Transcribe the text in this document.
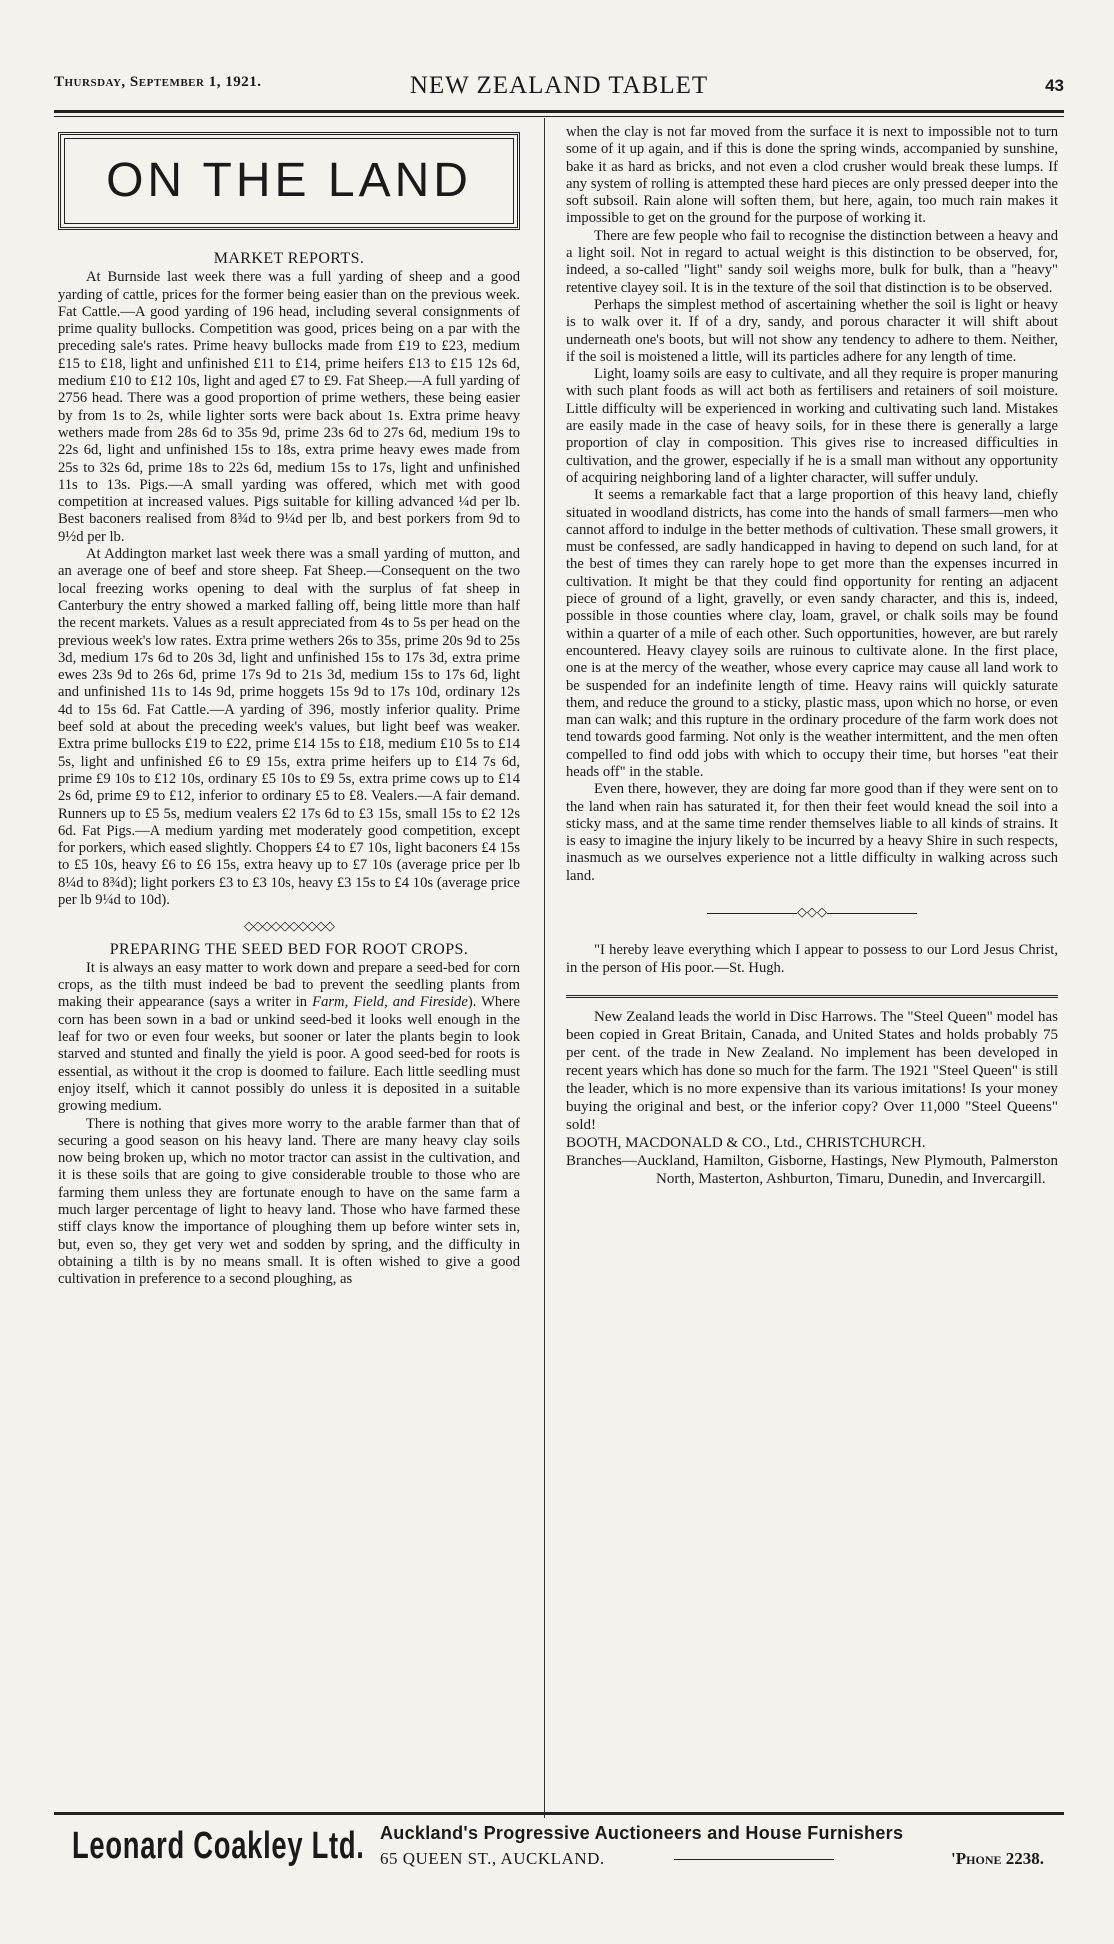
Thursday, September 1, 1921.	NEW ZEALAND TABLET	43
ON THE LAND
MARKET REPORTS.

At Burnside last week there was a full yarding of sheep and a good yarding of cattle, prices for the former being easier than on the previous week. Fat Cattle.—A good yarding of 196 head, including several consignments of prime quality bullocks. Competition was good, prices being on a par with the preceding sale's rates. Prime heavy bullocks made from £19 to £23, medium £15 to £18, light and unfinished £11 to £14, prime heifers £13 to £15 12s 6d, medium £10 to £12 10s, light and aged £7 to £9. Fat Sheep.—A full yarding of 2756 head. There was a good proportion of prime wethers, these being easier by from 1s to 2s, while lighter sorts were back about 1s. Extra prime heavy wethers made from 28s 6d to 35s 9d, prime 23s 6d to 27s 6d, medium 19s to 22s 6d, light and unfinished 15s to 18s, extra prime heavy ewes made from 25s to 32s 6d, prime 18s to 22s 6d, medium 15s to 17s, light and unfinished 11s to 13s. Pigs.—A small yarding was offered, which met with good competition at increased values. Pigs suitable for killing advanced ¼d per lb. Best baconers realised from 8¾d to 9¼d per lb, and best porkers from 9d to 9½d per lb.

At Addington market last week there was a small yarding of mutton, and an average one of beef and store sheep. Fat Sheep.—Consequent on the two local freezing works opening to deal with the surplus of fat sheep in Canterbury the entry showed a marked falling off, being little more than half the recent markets. Values as a result appreciated from 4s to 5s per head on the previous week's low rates. Extra prime wethers 26s to 35s, prime 20s 9d to 25s 3d, medium 17s 6d to 20s 3d, light and unfinished 15s to 17s 3d, extra prime ewes 23s 9d to 26s 6d, prime 17s 9d to 21s 3d, medium 15s to 17s 6d, light and unfinished 11s to 14s 9d, prime hoggets 15s 9d to 17s 10d, ordinary 12s 4d to 15s 6d. Fat Cattle.—A yarding of 396, mostly inferior quality. Prime beef sold at about the preceding week's values, but light beef was weaker. Extra prime bullocks £19 to £22, prime £14 15s to £18, medium £10 5s to £14 5s, light and unfinished £6 to £9 15s, extra prime heifers up to £14 7s 6d, prime £9 10s to £12 10s, ordinary £5 10s to £9 5s, extra prime cows up to £14 2s 6d, prime £9 to £12, inferior to ordinary £5 to £8. Vealers.—A fair demand. Runners up to £5 5s, medium vealers £2 17s 6d to £3 15s, small 15s to £2 12s 6d. Fat Pigs.—A medium yarding met moderately good competition, except for porkers, which eased slightly. Choppers £4 to £7 10s, light baconers £4 15s to £5 10s, heavy £6 to £6 15s, extra heavy up to £7 10s (average price per lb 8¼d to 8¾d); light porkers £3 to £3 10s, heavy £3 15s to £4 10s (average price per lb 9¼d to 10d).

◇◇◇◇◇◇◇◇◇◇
PREPARING THE SEED BED FOR ROOT CROPS.

It is always an easy matter to work down and prepare a seed-bed for corn crops, as the tilth must indeed be bad to prevent the seedling plants from making their appearance (says a writer in Farm, Field, and Fireside). Where corn has been sown in a bad or unkind seed-bed it looks well enough in the leaf for two or even four weeks, but sooner or later the plants begin to look starved and stunted and finally the yield is poor. A good seed-bed for roots is essential, as without it the crop is doomed to failure. Each little seedling must enjoy itself, which it cannot possibly do unless it is deposited in a suitable growing medium.

There is nothing that gives more worry to the arable farmer than that of securing a good season on his heavy land. There are many heavy clay soils now being broken up, which no motor tractor can assist in the cultivation, and it is these soils that are going to give considerable trouble to those who are farming them unless they are fortunate enough to have on the same farm a much larger percentage of light to heavy land. Those who have farmed these stiff clays know the importance of ploughing them up before winter sets in, but, even so, they get very wet and sodden by spring, and the difficulty in obtaining a tilth is by no means small. It is often wished to give a good cultivation in preference to a second ploughing, as

when the clay is not far moved from the surface it is next to impossible not to turn some of it up again, and if this is done the spring winds, accompanied by sunshine, bake it as hard as bricks, and not even a clod crusher would break these lumps. If any system of rolling is attempted these hard pieces are only pressed deeper into the soft subsoil. Rain alone will soften them, but here, again, too much rain makes it impossible to get on the ground for the purpose of working it.

There are few people who fail to recognise the distinction between a heavy and a light soil. Not in regard to actual weight is this distinction to be observed, for, indeed, a so-called "light" sandy soil weighs more, bulk for bulk, than a "heavy" retentive clayey soil. It is in the texture of the soil that distinction is to be observed.

Perhaps the simplest method of ascertaining whether the soil is light or heavy is to walk over it. If of a dry, sandy, and porous character it will shift about underneath one's boots, but will not show any tendency to adhere to them. Neither, if the soil is moistened a little, will its particles adhere for any length of time.

Light, loamy soils are easy to cultivate, and all they require is proper manuring with such plant foods as will act both as fertilisers and retainers of soil moisture. Little difficulty will be experienced in working and cultivating such land. Mistakes are easily made in the case of heavy soils, for in these there is generally a large proportion of clay in composition. This gives rise to increased difficulties in cultivation, and the grower, especially if he is a small man without any opportunity of acquiring neighboring land of a lighter character, will suffer unduly.

It seems a remarkable fact that a large proportion of this heavy land, chiefly situated in woodland districts, has come into the hands of small farmers—men who cannot afford to indulge in the better methods of cultivation. These small growers, it must be confessed, are sadly handicapped in having to depend on such land, for at the best of times they can rarely hope to get more than the expenses incurred in cultivation. It might be that they could find opportunity for renting an adjacent piece of ground of a light, gravelly, or even sandy character, and this is, indeed, possible in those counties where clay, loam, gravel, or chalk soils may be found within a quarter of a mile of each other. Such opportunities, however, are but rarely encountered. Heavy clayey soils are ruinous to cultivate alone. In the first place, one is at the mercy of the weather, whose every caprice may cause all land work to be suspended for an indefinite length of time. Heavy rains will quickly saturate them, and reduce the ground to a sticky, plastic mass, upon which no horse, or even man can walk; and this rupture in the ordinary procedure of the farm work does not tend towards good farming. Not only is the weather intermittent, and the men often compelled to find odd jobs with which to occupy their time, but horses "eat their heads off" in the stable.

Even there, however, they are doing far more good than if they were sent on to the land when rain has saturated it, for then their feet would knead the soil into a sticky mass, and at the same time render themselves liable to all kinds of strains. It is easy to imagine the injury likely to be incurred by a heavy Shire in such respects, inasmuch as we ourselves experience not a little difficulty in walking across such land.

◇◇◇

"I hereby leave everything which I appear to possess to our Lord Jesus Christ, in the person of His poor.—St. Hugh.

New Zealand leads the world in Disc Harrows. The "Steel Queen" model has been copied in Great Britain, Canada, and United States and holds probably 75 per cent. of the trade in New Zealand. No implement has been developed in recent years which has done so much for the farm. The 1921 "Steel Queen" is still the leader, which is no more expensive than its various imitations! Is your money buying the original and best, or the inferior copy? Over 11,000 "Steel Queens" sold!

BOOTH, MACDONALD & CO., Ltd., CHRISTCHURCH.

Branches—Auckland, Hamilton, Gisborne, Hastings, New Plymouth, Palmerston North, Masterton, Ashburton, Timaru, Dunedin, and Invercargill.

Leonard Coakley Ltd. Auckland's Progressive Auctioneers and House Furnishers
65 QUEEN ST., AUCKLAND.	'Phone 2238.
